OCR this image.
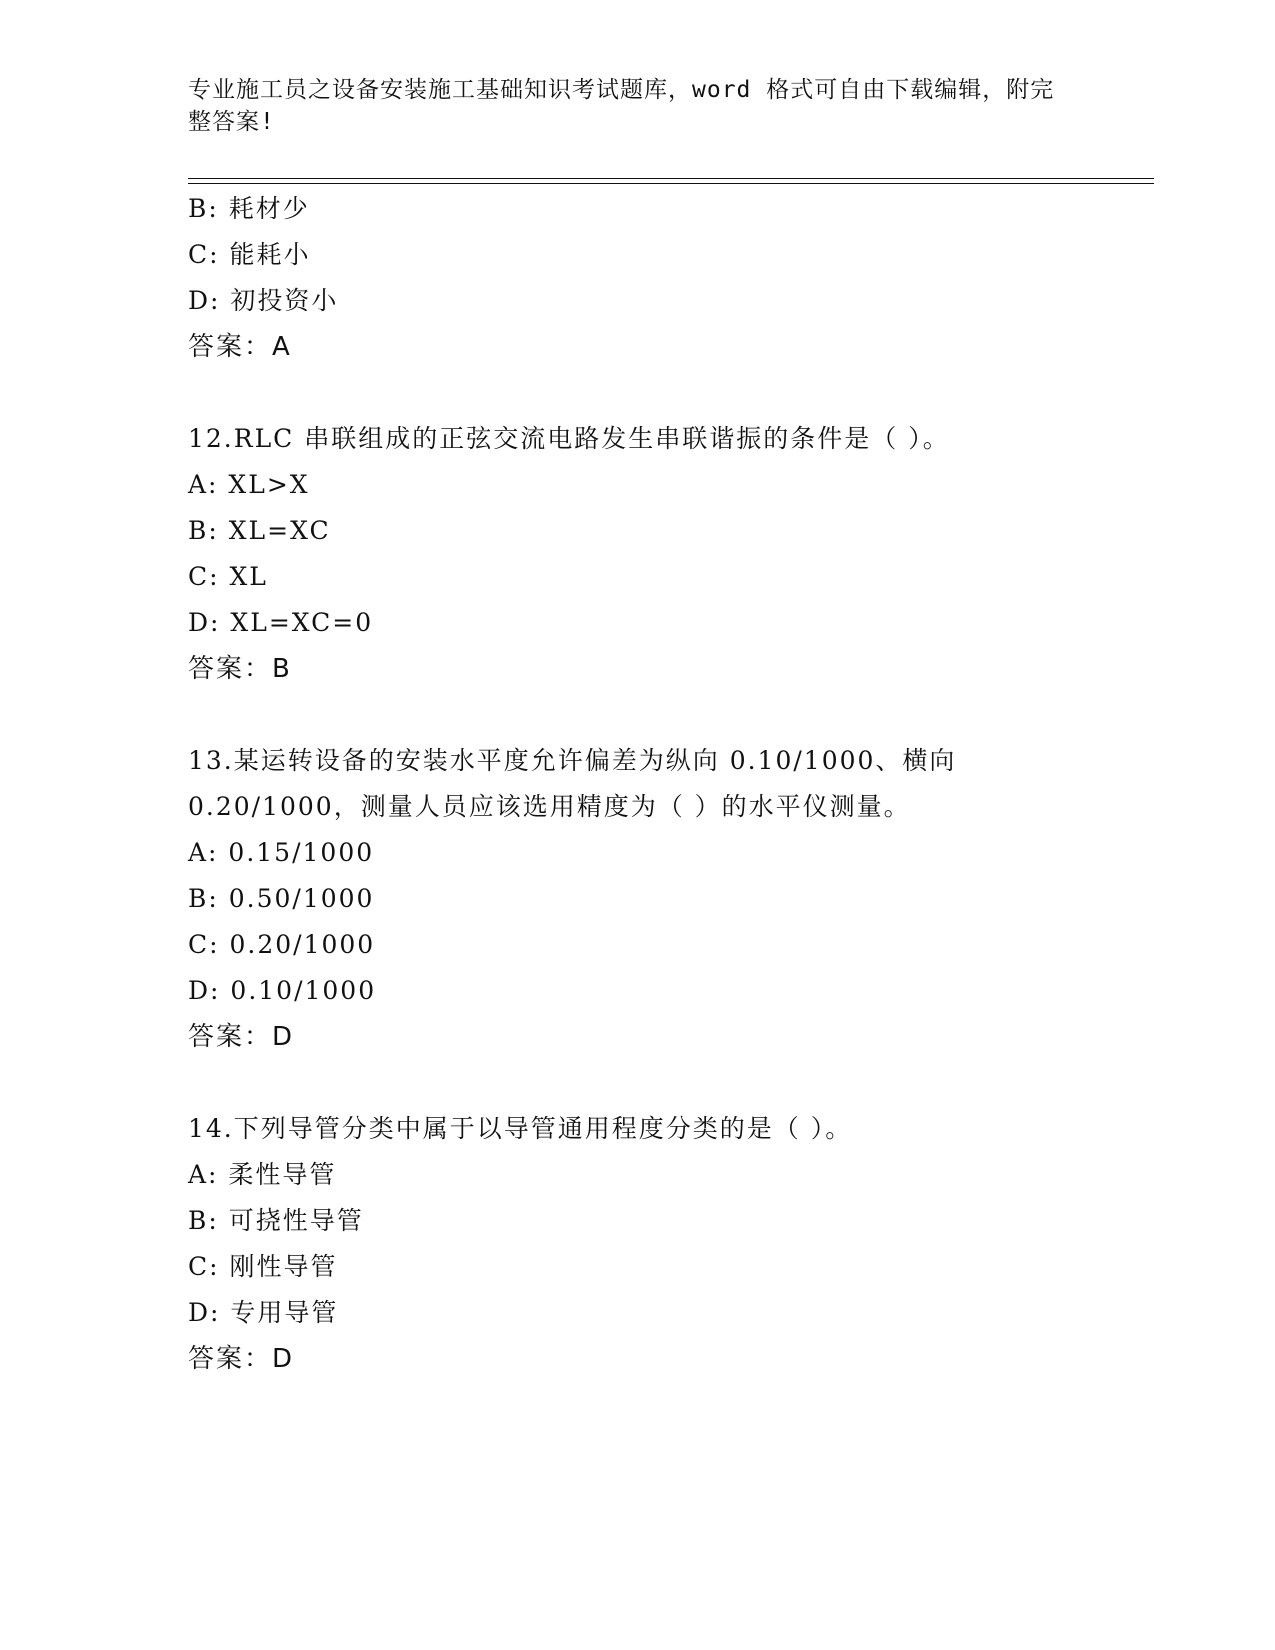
专业施工员之设备安装施工基础知识考试题库，word 格式可自由下载编辑，附完
整答案!
B: 耗材少
C: 能耗小
D: 初投资小
答案：A
12.RLC 串联组成的正弦交流电路发生串联谐振的条件是（ ）。
A: XL>X
B: XL=XC
C: XL
D: XL=XC=0
答案：B
13.某运转设备的安装水平度允许偏差为纵向 0.10/1000、横向
0.20/1000，测量人员应该选用精度为（ ）的水平仪测量。
A: 0.15/1000
B: 0.50/1000
C: 0.20/1000
D: 0.10/1000
答案：D
14.下列导管分类中属于以导管通用程度分类的是（ ）。
A: 柔性导管
B: 可挠性导管
C: 刚性导管
D: 专用导管
答案：D
